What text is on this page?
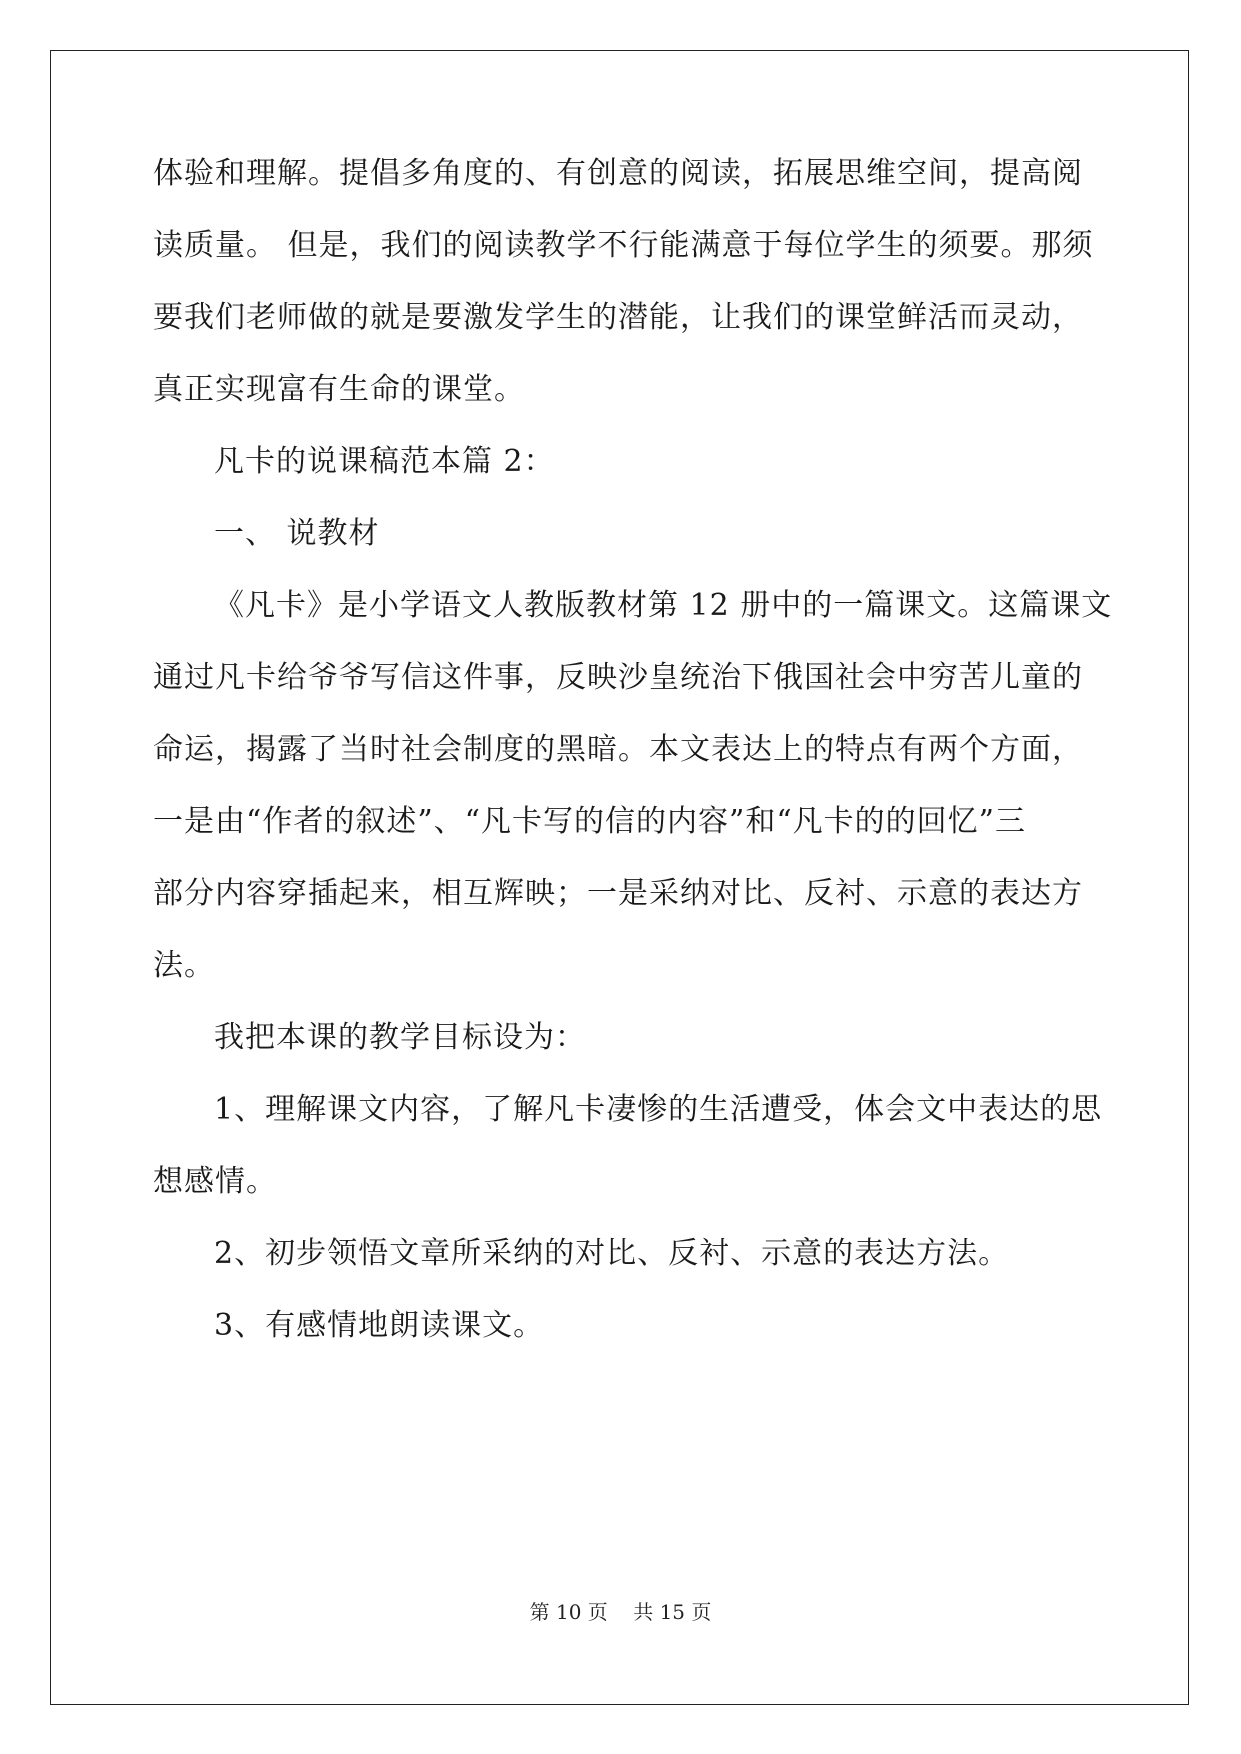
体验和理解。提倡多角度的、有创意的阅读，拓展思维空间，提高阅
读质量。 但是，我们的阅读教学不行能满意于每位学生的须要。那须
要我们老师做的就是要激发学生的潜能，让我们的课堂鲜活而灵动，
真正实现富有生命的课堂。
凡卡的说课稿范本篇 2：
一、 说教材
《凡卡》是小学语文人教版教材第 12 册中的一篇课文。这篇课文
通过凡卡给爷爷写信这件事，反映沙皇统治下俄国社会中穷苦儿童的
命运，揭露了当时社会制度的黑暗。本文表达上的特点有两个方面，
一是由“作者的叙述”、“凡卡写的信的内容”和“凡卡的的回忆”三
部分内容穿插起来，相互辉映；一是采纳对比、反衬、示意的表达方
法。
我把本课的教学目标设为：
1、理解课文内容，了解凡卡凄惨的生活遭受，体会文中表达的思
想感情。
2、初步领悟文章所采纳的对比、反衬、示意的表达方法。
3、有感情地朗读课文。
第 10 页 共 15 页
